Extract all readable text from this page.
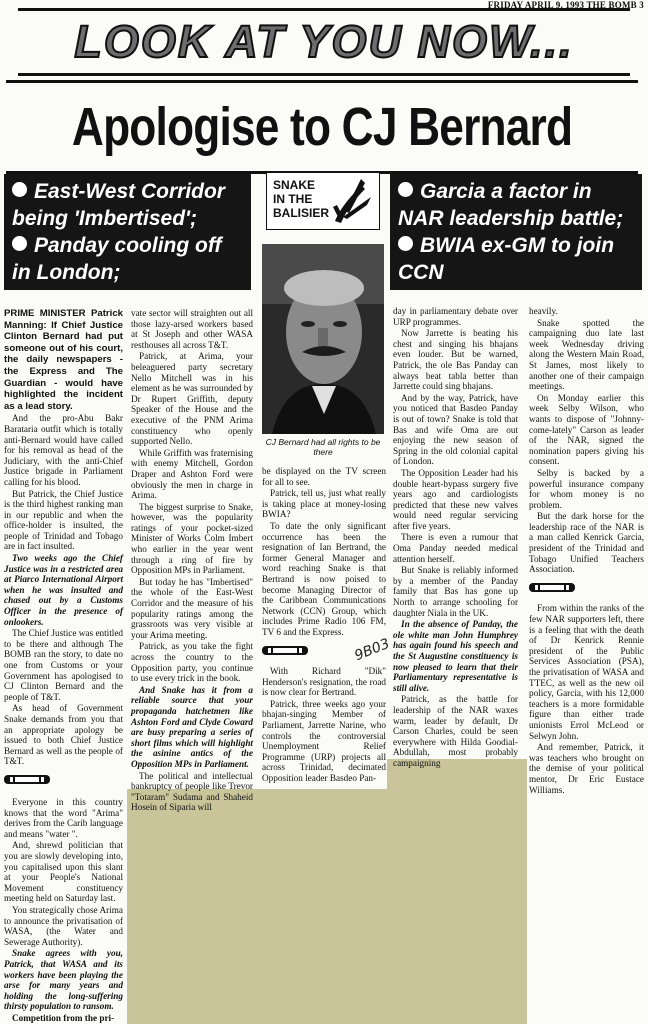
FRIDAY APRIL 9, 1993 THE BOMB 3
LOOK AT YOU NOW...
Apologise to CJ Bernard
East-West Corridor being 'Imbertised';
Panday cooling off in London;
Garcia a factor in NAR leadership battle;
BWIA ex-GM to join CCN
SNAKE
IN THE
BALISIER
CJ Bernard had all rights to be there

PRIME MINISTER Patrick Manning: If Chief Justice Clinton Bernard had put someone out of his court, the daily newspapers - the Express and The Guardian - would have highlighted the incident as a lead story.

And the pro-Abu Bakr Barataria outfit which is totally anti-Bernard would have called for his removal as head of the Judiciary, with the anti-Chief Justice brigade in Parliament calling for his blood.

But Patrick, the Chief Justice is the third highest ranking man in our republic and when the office-holder is insulted, the people of Trinidad and Tobago are in fact insulted.

Two weeks ago the Chief Justice was in a restricted area at Piarco International Airport when he was insulted and chased out by a Customs Officer in the presence of onlookers.

The Chief Justice was entitled to be there and although The BOMB ran the story, to date no one from Customs or your Government has apologised to CJ Clinton Bernard and the people of T&T.

As head of Government Snake demands from you that an appropriate apology be issued to both Chief Justice Bernard as well as the people of T&T.

Everyone in this country knows that the word "Arima" derives from the Carib language and means "water ".

And, shrewd politician that you are slowly developing into, you capitalised upon this slant at your People's National Movement constituency meeting held on Saturday last.

You strategically chose Arima to announce the privatisation of WASA, (the Water and Sewerage Authority).

Snake agrees with you, Patrick, that WASA and its workers have been playing the arse for many years and holding the long-suffering thirsty population to ransom.

Competition from the pri-

vate sector will straighten out all those lazy-arsed workers based at St Joseph and other WASA resthouses all across T&T.

Patrick, at Arima, your beleaguered party secretary Nello Mitchell was in his element as he was surrounded by Dr Rupert Griffith, deputy Speaker of the House and the executive of the PNM Arima constituency who openly supported Nello.

While Griffith was fraternising with enemy Mitchell, Gordon Draper and Ashton Ford were obviously the men in charge in Arima.

The biggest surprise to Snake, however, was the popularity ratings of your pocket-sized Minister of Works Colm Imbert who earlier in the year went through a ring of fire by Opposition MPs in Parliament.

But today he has "Imbertised" the whole of the East-West Corridor and the measure of his popularity ratings among the grassroots was very visible at your Arima meeting.

Patrick, as you take the fight across the country to the Opposition party, you continue to use every trick in the book.

And Snake has it from a reliable source that your propaganda hatchetmen like Ashton Ford and Clyde Coward are busy preparing a series of short films which will highlight the asinine antics of the Opposition MPs in Parliament.

The political and intellectual bankruptcy of people like Trevor "Totaram" Sudama and Shaheid Hosein of Siparia will

be displayed on the TV screen for all to see.

Patrick, tell us, just what really is taking place at money-losing BWIA?

To date the only significant occurrence has been the resignation of Ian Bertrand, the former General Manager and word reaching Snake is that Bertrand is now poised to become Managing Director of the Caribbean Communications Network (CCN) Group, which includes Prime Radio 106 FM, TV 6 and the Express.

With Richard "Dik" Henderson's resignation, the road is now clear for Bertrand.

Patrick, three weeks ago your bhajan-singing Member of Parliament, Jarrette Narine, who controls the controversial Unemployment Relief Programme (URP) projects all across Trinidad, decimated Opposition leader Basdeo Pan-

9B03

day in parliamentary debate over URP programmes.

Now Jarrette is beating his chest and singing his bhajans even louder. But be warned, Patrick, the ole Bas Panday can always beat tabla better than Jarrette could sing bhajans.

And by the way, Patrick, have you noticed that Basdeo Panday is out of town? Snake is told that Bas and wife Oma are out enjoying the new season of Spring in the old colonial capital of London.

The Opposition Leader had his double heart-bypass surgery five years ago and cardiologists predicted that these new valves would need regular servicing after five years.

There is even a rumour that Oma Panday needed medical attention herself.

But Snake is reliably informed by a member of the Panday family that Bas has gone up North to arrange schooling for daughter Niala in the UK.

In the absence of Panday, the ole white man John Humphrey has again found his speech and the St Augustine constituency is now pleased to learn that their Parliamentary representative is still alive.

Patrick, as the battle for leadership of the NAR waxes warm, leader by default, Dr Carson Charles, could be seen everywhere with Hilda Goodial-Abdullah, most probably campaigning

heavily.

Snake spotted the campaigning duo late last week Wednesday driving along the Western Main Road, St James, most likely to another one of their campaign meetings.

On Monday earlier this week Selby Wilson, who wants to dispose of "Johnny-come-lately" Carson as leader of the NAR, signed the nomination papers giving his consent.

Selby is backed by a powerful insurance company for whom money is no problem.

But the dark horse for the leadership race of the NAR is a man called Kenrick Garcia, president of the Trinidad and Tobago Unified Teachers Association.

From within the ranks of the few NAR supporters left, there is a feeling that with the death of Dr Kenrick Rennie president of the Public Services Association (PSA), the privatisation of WASA and TTEC, as well as the new oil policy, Garcia, with his 12,000 teachers is a more formidable figure than either trade unionists Errol McLeod or Selwyn John.

And remember, Patrick, it was teachers who brought on the demise of your political mentor, Dr Eric Eustace Williams.
